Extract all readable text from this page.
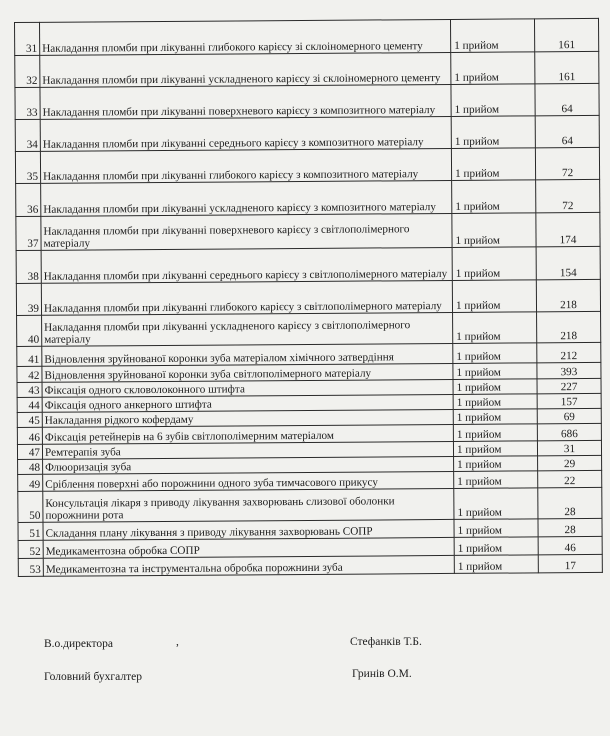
31	Накладання пломби при лікуванні глибокого карієсу зі склоіномерного цементу	1 прийом	161
32	Накладання пломби при лікуванні ускладненого карієсу зі склоіномерного цементу	1 прийом	161
33	Накладання пломби при лікуванні поверхневого карієсу з композитного матеріалу	1 прийом	64
34	Накладання пломби при лікуванні середнього карієсу з композитного матеріалу	1 прийом	64
35	Накладання пломби при лікуванні глибокого карієсу з композитного матеріалу	1 прийом	72
36	Накладання пломби при лікуванні ускладненого карієсу з композитного матеріалу	1 прийом	72
37	Накладання пломби при лікуванні поверхневого карієсу з світлополімерного матеріалу	1 прийом	174
38	Накладання пломби при лікуванні середнього карієсу з світлополімерного матеріалу	1 прийом	154
39	Накладання пломби при лікуванні глибокого карієсу з світлополімерного матеріалу	1 прийом	218
40	Накладання пломби при лікуванні ускладненого карієсу з світлополімерного матеріалу	1 прийом	218
41	Відновлення зруйнованої коронки зуба матеріалом хімічного затвердіння	1 прийом	212
42	Відновлення зруйнованої коронки зуба світлополімерного матеріалу	1 прийом	393
43	Фіксація одного скловолоконного штифта	1 прийом	227
44	Фіксація одного анкерного штифта	1 прийом	157
45	Накладання рідкого кофердаму	1 прийом	69
46	Фіксація ретейнерів на 6 зубів світлополімерним матеріалом	1 прийом	686
47	Ремтерапія зуба	1 прийом	31
48	Флюоризація зуба	1 прийом	29
49	Сріблення поверхні або порожнини одного зуба тимчасового прикусу	1 прийом	22
50	Консультація лікаря з приводу лікування захворювань слизової оболонки порожнини рота	1 прийом	28
51	Складання плану лікування з приводу лікування захворювань СОПР	1 прийом	28
52	Медикаментозна обробка СОПР	1 прийом	46
53	Медикаментозна та інструментальна обробка порожнини зуба	1 прийом	17
В.о.директора	,	Стефанків Т.Б.
Головний бухгалтер	Гринів О.М.
